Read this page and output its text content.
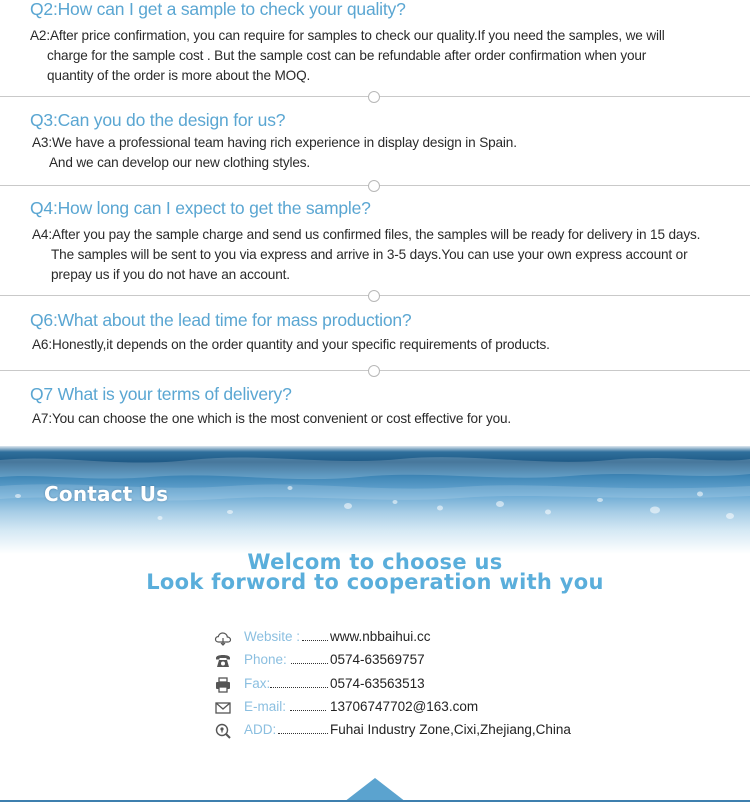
Q2:How can I get a sample to check your quality?
A2:After price confirmation, you can require for samples to check our quality.If you need the samples, we will
charge for the sample cost . But the sample cost can be refundable after order confirmation when your
quantity of the order is more about the MOQ.
Q3:Can you do the design for us?
A3:We have a professional team having rich experience in display design in Spain.
And we can develop our new clothing styles.
Q4:How long can I expect to get the sample?
A4:After you pay the sample charge and send us confirmed files, the samples will be ready for delivery in 15 days.
The samples will be sent to you via express and arrive in 3-5 days.You can use your own express account or
prepay us if you do not have an account.
Q6:What about the lead time for mass production?
A6:Honestly,it depends on the order quantity and your specific requirements of products.
Q7 What is your terms of delivery?
A7:You can choose the one which is the most convenient or cost effective for you.
Contact Us
Welcom to choose us
Look forword to cooperation with you
Website : www.nbbaihui.cc
Phone:	0574-63569757
Fax:	0574-63563513
E-mail:	13706747702@163.com
ADD:	Fuhai Industry Zone,Cixi,Zhejiang,China
